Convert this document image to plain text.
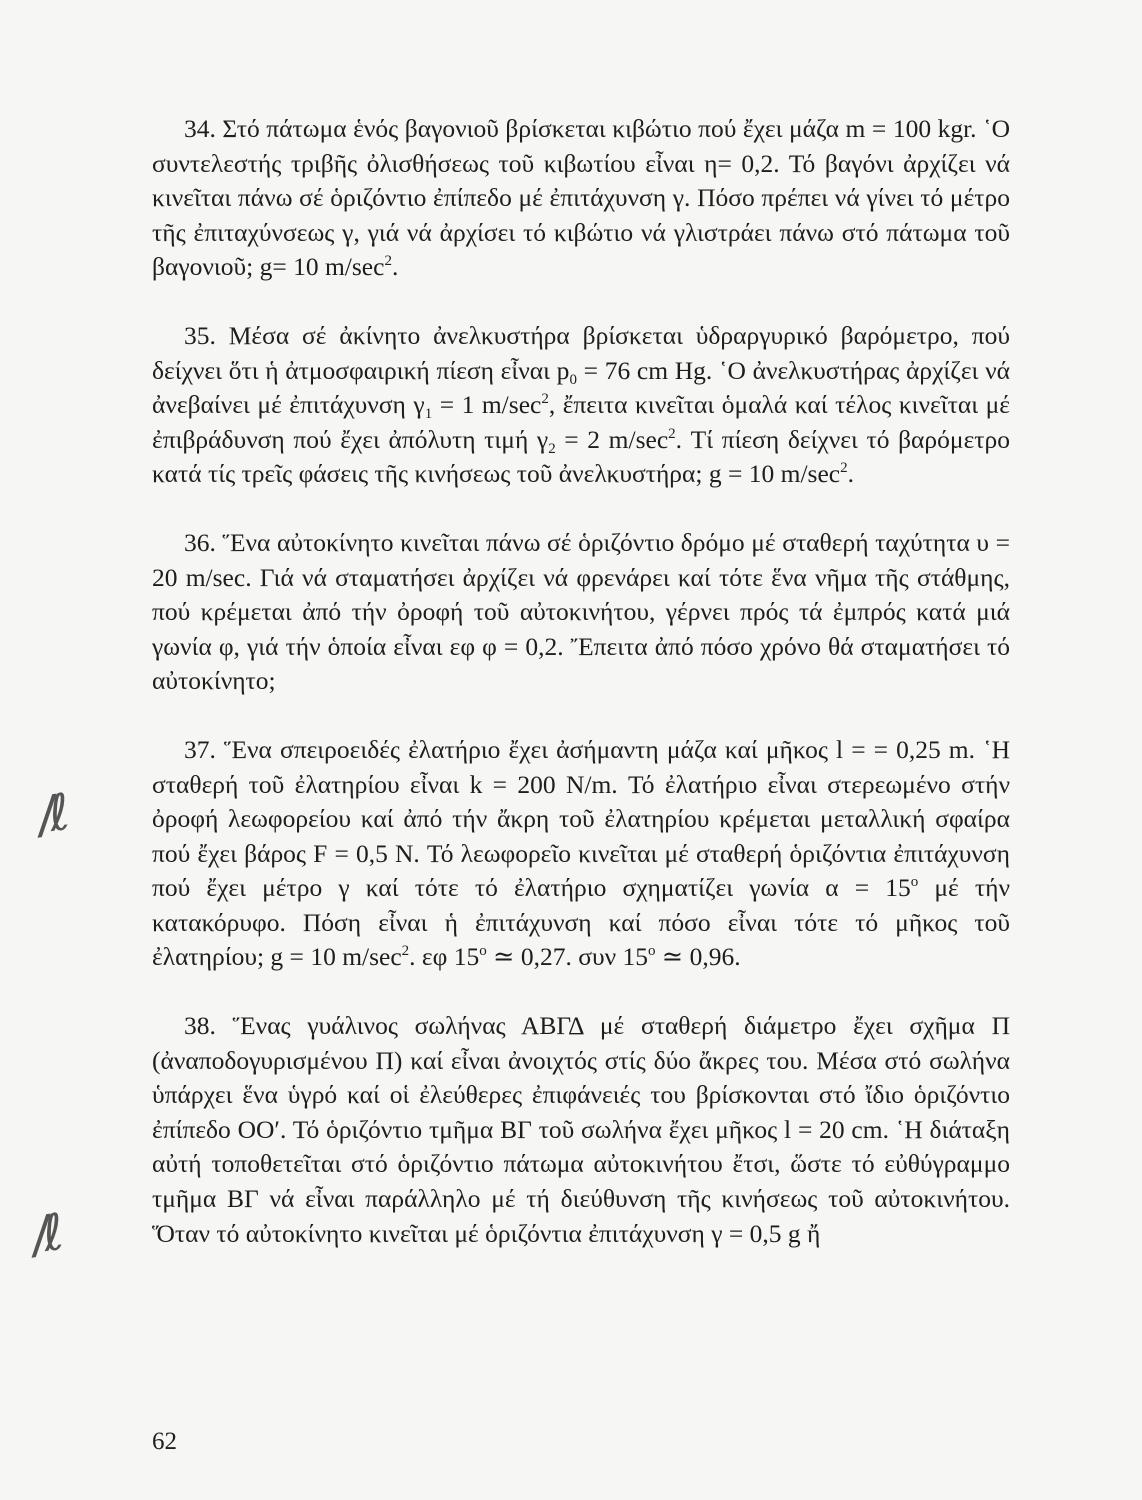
34. Στό πάτωμα ἑνός βαγονιοῦ βρίσκεται κιβώτιο πού ἔχει μάζα m = 100 kgr. ῾Ο συντελεστής τριβῆς ὀλισθήσεως τοῦ κιβωτίου εἶναι η= 0,2. Τό βαγόνι ἀρχίζει νά κινεῖται πάνω σέ ὁριζόντιο ἐπίπεδο μέ ἐπιτάχυνση γ. Πόσο πρέπει νά γίνει τό μέτρο τῆς ἐπιταχύνσεως γ, γιά νά ἀρχίσει τό κιβώτιο νά γλιστράει πάνω στό πάτωμα τοῦ βαγονιοῦ; g= 10 $m/\sec^2$.

35. Μέσα σέ ἀκίνητο ἀνελκυστήρα βρίσκεται ὑδραργυρικό βαρόμετρο, πού δείχνει ὅτι ἡ ἀτμοσφαιρική πίεση εἶναι $p_0 = 76$ cm Hg. ῾Ο ἀνελκυστήρας ἀρχίζει νά ἀνεβαίνει μέ ἐπιτάχυνση $\gamma_1 = 1$ $m/\sec^2$, ἔπειτα κινεῖται ὁμαλά καί τέλος κινεῖται μέ ἐπιβράδυνση πού ἔχει ἀπόλυτη τιμή $\gamma_2 = 2$ $m/\sec^2$. Τί πίεση δείχνει τό βαρόμετρο κατά τίς τρεῖς φάσεις τῆς κινήσεως τοῦ ἀνελκυστήρα; g = 10 $m/\sec^2$.

36. Ἕνα αὐτοκίνητο κινεῖται πάνω σέ ὁριζόντιο δρόμο μέ σταθερή ταχύτητα υ = 20 m/sec. Γιά νά σταματήσει ἀρχίζει νά φρενάρει καί τότε ἕνα νῆμα τῆς στάθμης, πού κρέμεται ἀπό τήν ὀροφή τοῦ αὐτοκινήτου, γέρνει πρός τά ἐμπρός κατά μιά γωνία φ, γιά τήν ὁποία εἶναι εφ φ = 0,2. Ἔπειτα ἀπό πόσο χρόνο θά σταματήσει τό αὐτοκίνητο;

37. Ἕνα σπειροειδές ἐλατήριο ἔχει ἀσήμαντη μάζα καί μῆκος l = = 0,25 m. ῾Η σταθερή τοῦ ἐλατηρίου εἶναι k = 200 N/m. Τό ἐλατήριο εἶναι στερεωμένο στήν ὀροφή λεωφορείου καί ἀπό τήν ἄκρη τοῦ ἐλατηρίου κρέμεται μεταλλική σφαίρα πού ἔχει βάρος F = 0,5 N. Τό λεωφορεῖο κινεῖται μέ σταθερή ὁριζόντια ἐπιτάχυνση πού ἔχει μέτρο γ καί τότε τό ἐλατήριο σχηματίζει γωνία $\alpha = 15^o$ μέ τήν κατακόρυφο. Πόση εἶναι ἡ ἐπιτάχυνση καί πόσο εἶναι τότε τό μῆκος τοῦ ἐλατηρίου; g = 10 $m/\sec^2$. εφ 15$^o$ ≃ 0,27. συν 15$^o$ ≃ 0,96.

38. Ἕνας γυάλινος σωλήνας ΑΒΓΔ μέ σταθερή διάμετρο ἔχει σχῆμα Π (ἀναποδογυρισμένου Π) καί εἶναι ἀνοιχτός στίς δύο ἄκρες του. Μέσα στό σωλήνα ὑπάρχει ἕνα ὑγρό καί οἱ ἐλεύθερες ἐπιφάνειές του βρίσκονται στό ἴδιο ὁριζόντιο ἐπίπεδο ΟΟ′. Τό ὁριζόντιο τμῆμα ΒΓ τοῦ σωλήνα ἔχει μῆκος l = 20 cm. ῾Η διάταξη αὐτή τοποθετεῖται στό ὁριζόντιο πάτωμα αὐτοκινήτου ἔτσι, ὥστε τό εὐθύγραμμο τμῆμα ΒΓ νά εἶναι παράλληλο μέ τή διεύθυνση τῆς κινήσεως τοῦ αὐτοκινήτου. Ὅταν τό αὐτοκίνητο κινεῖται μέ ὁριζόντια ἐπιτάχυνση γ = 0,5 g ἤ

/ℓ
/ℓ
62
